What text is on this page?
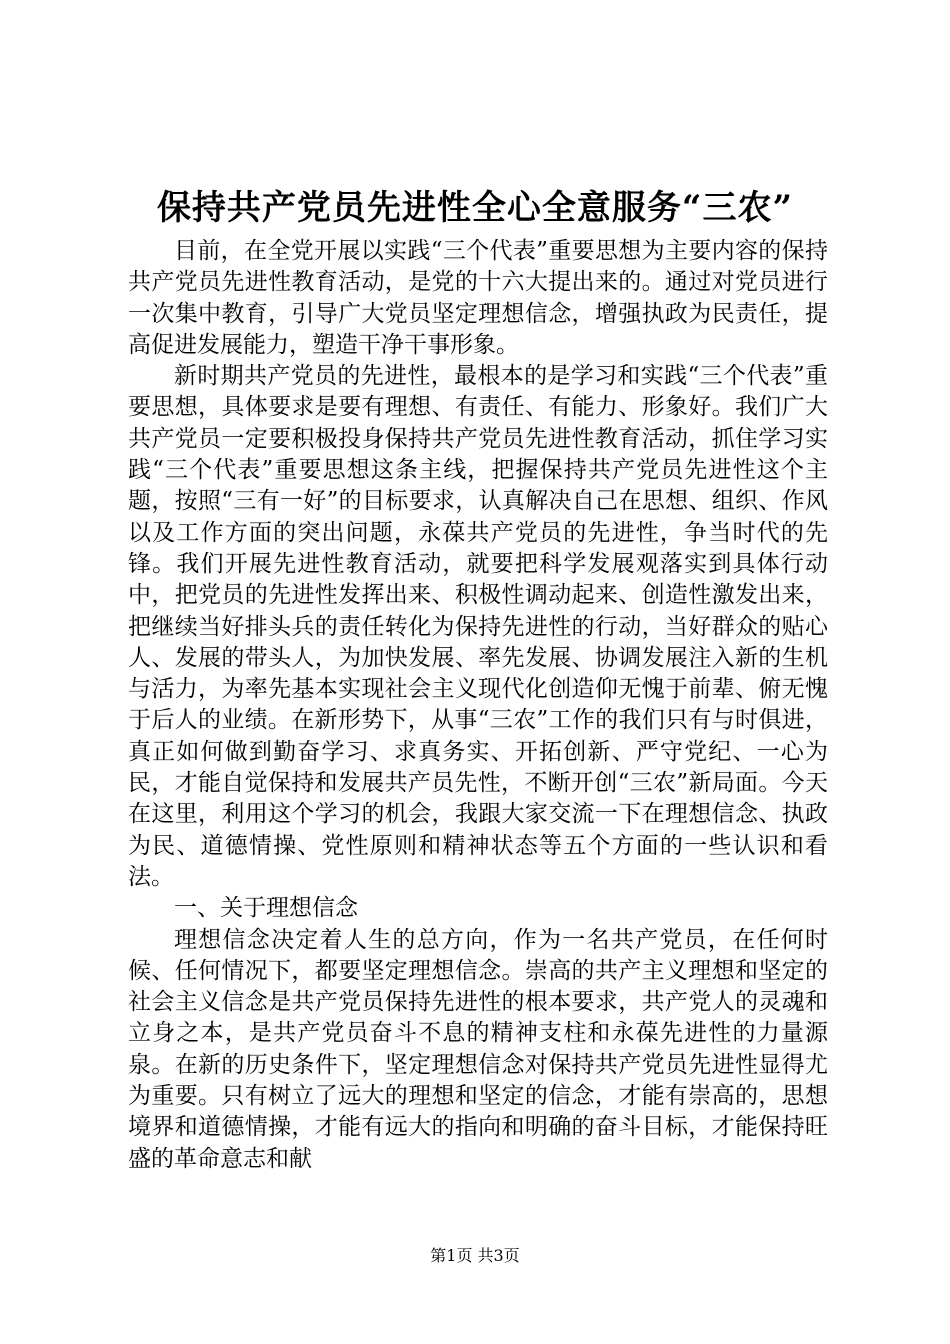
保持共产党员先进性全心全意服务“三农”

目前，在全党开展以实践“三个代表”重要思想为主要内容的保持共产党员先进性教育活动，是党的十六大提出来的。通过对党员进行一次集中教育，引导广大党员坚定理想信念，增强执政为民责任，提高促进发展能力，塑造干净干事形象。

新时期共产党员的先进性，最根本的是学习和实践“三个代表”重要思想，具体要求是要有理想、有责任、有能力、形象好。我们广大共产党员一定要积极投身保持共产党员先进性教育活动，抓住学习实践“三个代表”重要思想这条主线，把握保持共产党员先进性这个主题，按照“三有一好”的目标要求，认真解决自己在思想、组织、作风以及工作方面的突出问题，永葆共产党员的先进性，争当时代的先锋。我们开展先进性教育活动，就要把科学发展观落实到具体行动中，把党员的先进性发挥出来、积极性调动起来、创造性激发出来，把继续当好排头兵的责任转化为保持先进性的行动，当好群众的贴心人、发展的带头人，为加快发展、率先发展、协调发展注入新的生机与活力，为率先基本实现社会主义现代化创造仰无愧于前辈、俯无愧于后人的业绩。在新形势下，从事“三农”工作的我们只有与时俱进，真正如何做到勤奋学习、求真务实、开拓创新、严守党纪、一心为民，才能自觉保持和发展共产员先性，不断开创“三农”新局面。今天在这里，利用这个学习的机会，我跟大家交流一下在理想信念、执政为民、道德情操、党性原则和精神状态等五个方面的一些认识和看法。

一、关于理想信念

理想信念决定着人生的总方向，作为一名共产党员，在任何时候、任何情况下，都要坚定理想信念。崇高的共产主义理想和坚定的社会主义信念是共产党员保持先进性的根本要求，共产党人的灵魂和立身之本，是共产党员奋斗不息的精神支柱和永葆先进性的力量源泉。在新的历史条件下，坚定理想信念对保持共产党员先进性显得尤为重要。只有树立了远大的理想和坚定的信念，才能有崇高的，思想境界和道德情操，才能有远大的指向和明确的奋斗目标，才能保持旺盛的革命意志和献

第1页 共3页
